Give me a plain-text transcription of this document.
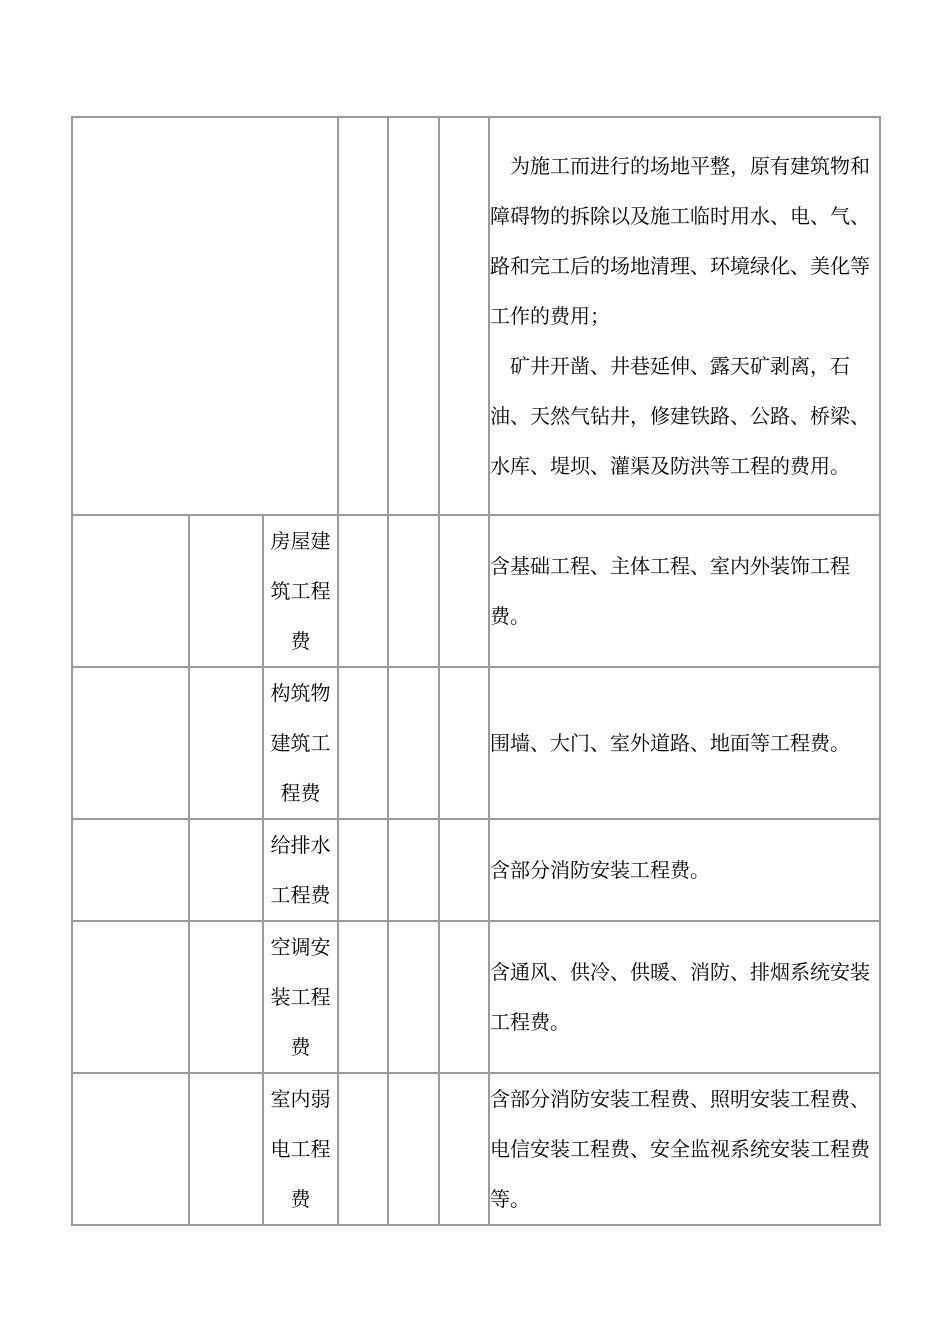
						为施工而进行的场地平整，原有建筑物和障碍物的拆除以及施工临时用水、电、气、路和完工后的场地清理、环境绿化、美化等工作的费用；
矿井开凿、井巷延伸、露天矿剥离，石油、天然气钻井，修建铁路、公路、桥梁、水库、堤坝、灌渠及防洪等工程的费用。

		房屋建筑工程费				含基础工程、主体工程、室内外装饰工程费。

		构筑物建筑工程费				围墙、大门、室外道路、地面等工程费。

		给排水工程费				含部分消防安装工程费。

		空调安装工程费				含通风、供冷、供暖、消防、排烟系统安装工程费。

		室内弱电工程费				含部分消防安装工程费、照明安装工程费、电信安装工程费、安全监视系统安装工程费等。
